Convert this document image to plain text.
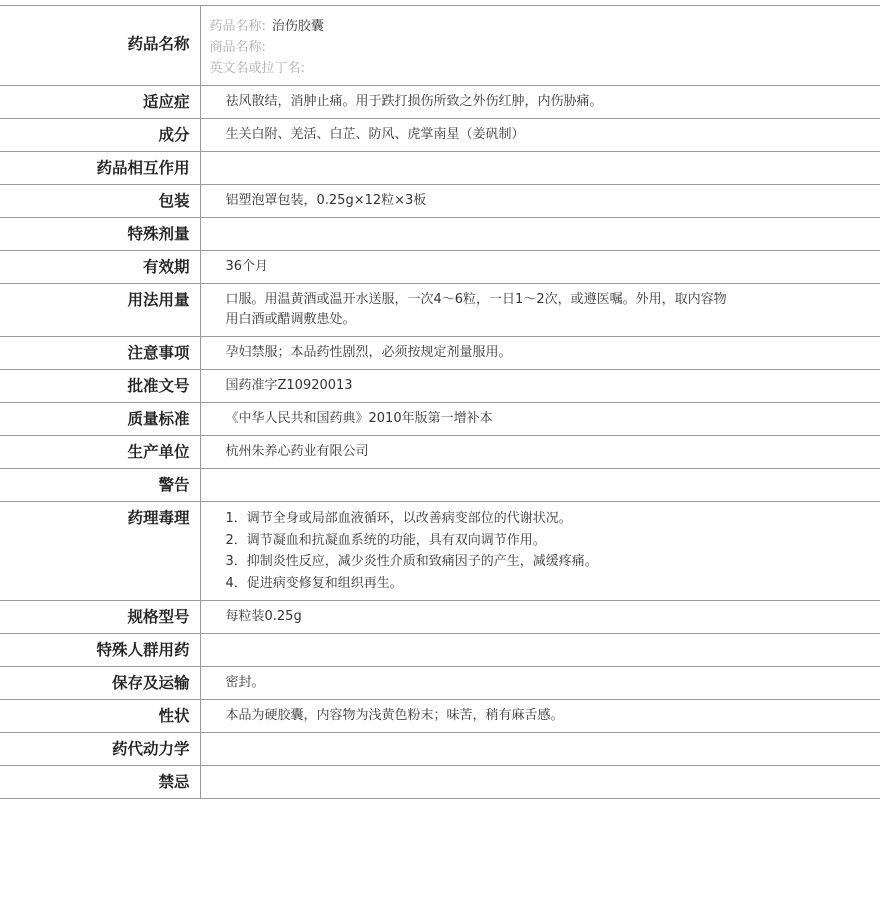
药品名称	药品名称: 治伤胶囊
商品名称:
英文名或拉丁名:

适应症	祛风散结，消肿止痛。用于跌打损伤所致之外伤红肿，内伤胁痛。
成分	生关白附、羌活、白芷、防风、虎掌南星（姜矾制）
药品相互作用	
包装	铝塑泡罩包装，0.25g×12粒×3板
特殊剂量	
有效期	36个月
用法用量	口服。用温黄酒或温开水送服，一次4～6粒，一日1～2次，或遵医嘱。外用，取内容物
用白酒或醋调敷患处。

注意事项	孕妇禁服；本品药性剧烈，必须按规定剂量服用。
批准文号	国药准字Z10920013
质量标准	《中华人民共和国药典》2010年版第一增补本
生产单位	杭州朱养心药业有限公司
警告	
药理毒理	1．调节全身或局部血液循环，以改善病变部位的代谢状况。
2．调节凝血和抗凝血系统的功能，具有双向调节作用。
3．抑制炎性反应，减少炎性介质和致痛因子的产生，减缓疼痛。
4．促进病变修复和组织再生。

规格型号	每粒装0.25g
特殊人群用药	
保存及运输	密封。
性状	本品为硬胶囊，内容物为浅黄色粉末；味苦，稍有麻舌感。
药代动力学	
禁忌	
